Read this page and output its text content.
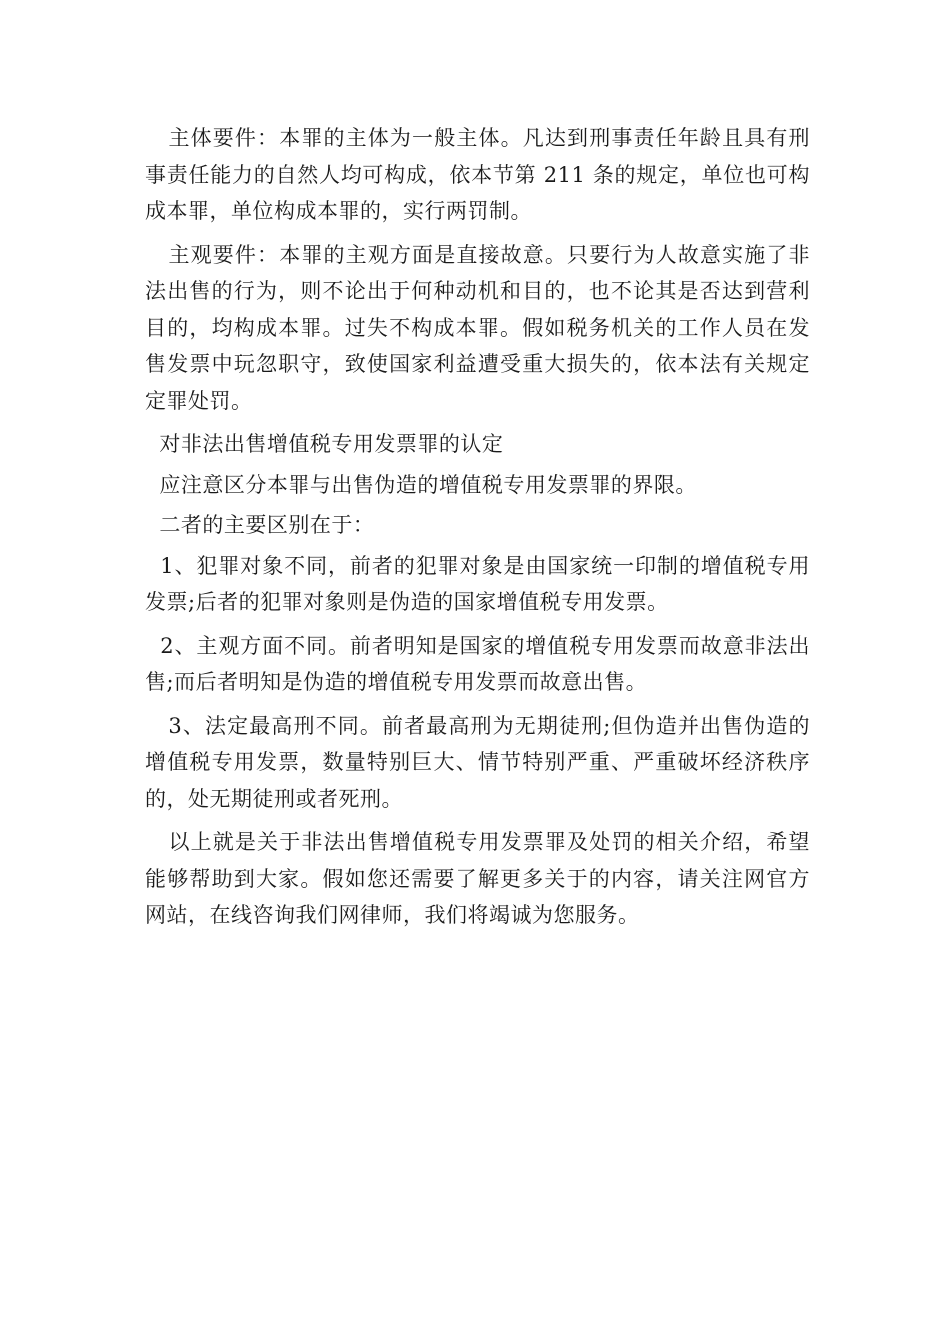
主体要件：本罪的主体为一般主体。凡达到刑事责任年龄且具有刑事责任能力的自然人均可构成，依本节第 211 条的规定，单位也可构成本罪，单位构成本罪的，实行两罚制。

主观要件：本罪的主观方面是直接故意。只要行为人故意实施了非法出售的行为，则不论出于何种动机和目的，也不论其是否达到营利目的，均构成本罪。过失不构成本罪。假如税务机关的工作人员在发售发票中玩忽职守，致使国家利益遭受重大损失的，依本法有关规定定罪处罚。

对非法出售增值税专用发票罪的认定

应注意区分本罪与出售伪造的增值税专用发票罪的界限。

二者的主要区别在于：

1、犯罪对象不同，前者的犯罪对象是由国家统一印制的增值税专用发票;后者的犯罪对象则是伪造的国家增值税专用发票。

2、主观方面不同。前者明知是国家的增值税专用发票而故意非法出售;而后者明知是伪造的增值税专用发票而故意出售。

3、法定最高刑不同。前者最高刑为无期徒刑;但伪造并出售伪造的增值税专用发票，数量特别巨大、情节特别严重、严重破坏经济秩序的，处无期徒刑或者死刑。

以上就是关于非法出售增值税专用发票罪及处罚的相关介绍，希望能够帮助到大家。假如您还需要了解更多关于的内容，请关注网官方网站，在线咨询我们网律师，我们将竭诚为您服务。
